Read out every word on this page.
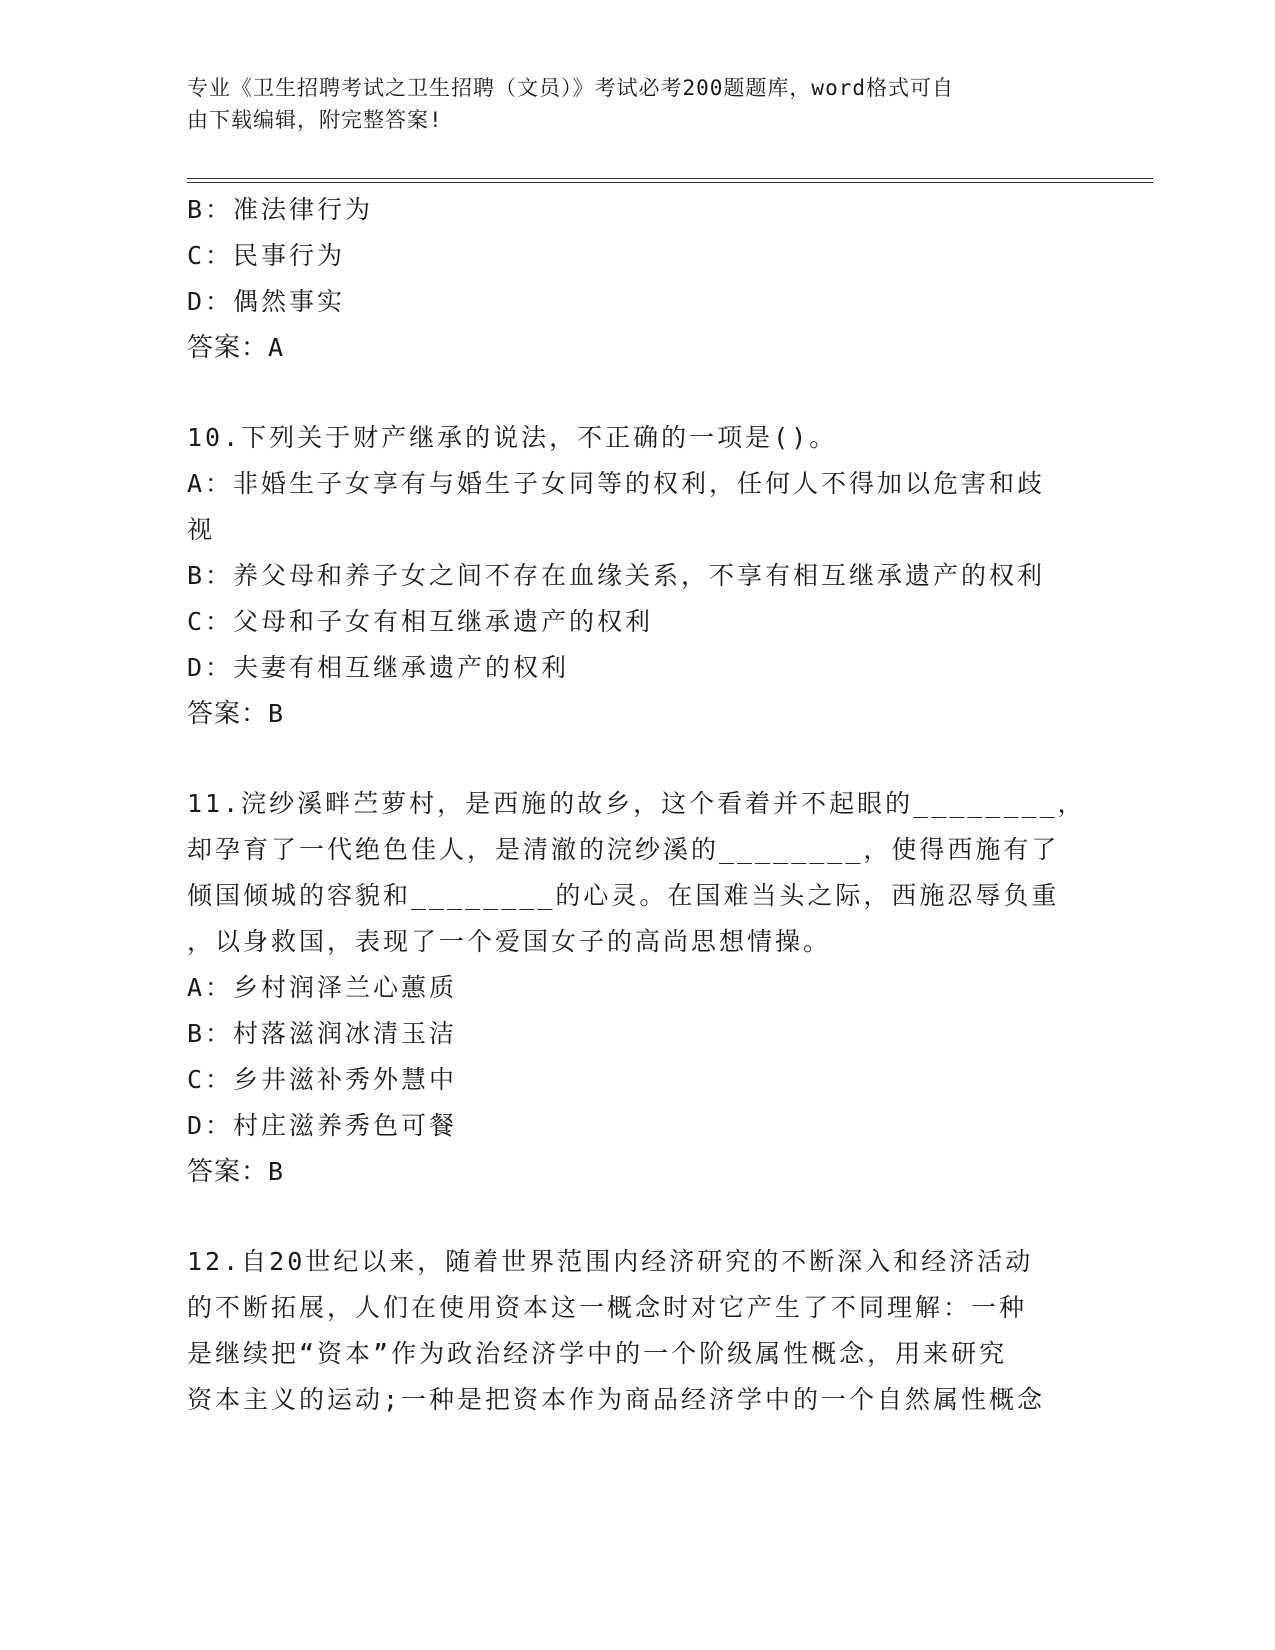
专业《卫生招聘考试之卫生招聘（文员）》考试必考200题题库，word格式可自
由下载编辑，附完整答案!
B：准法律行为
C：民事行为
D：偶然事实
答案：A
10.下列关于财产继承的说法，不正确的一项是()。
A：非婚生子女享有与婚生子女同等的权利，任何人不得加以危害和歧
视
B：养父母和养子女之间不存在血缘关系，不享有相互继承遗产的权利
C：父母和子女有相互继承遗产的权利
D：夫妻有相互继承遗产的权利
答案：B
11.浣纱溪畔苎萝村，是西施的故乡，这个看着并不起眼的________，
却孕育了一代绝色佳人，是清澈的浣纱溪的________，使得西施有了
倾国倾城的容貌和________的心灵。在国难当头之际，西施忍辱负重
，以身救国，表现了一个爱国女子的高尚思想情操。
A：乡村润泽兰心蕙质
B：村落滋润冰清玉洁
C：乡井滋补秀外慧中
D：村庄滋养秀色可餐
答案：B
12.自20世纪以来，随着世界范围内经济研究的不断深入和经济活动
的不断拓展，人们在使用资本这一概念时对它产生了不同理解：一种
是继续把“资本”作为政治经济学中的一个阶级属性概念，用来研究
资本主义的运动;一种是把资本作为商品经济学中的一个自然属性概念
